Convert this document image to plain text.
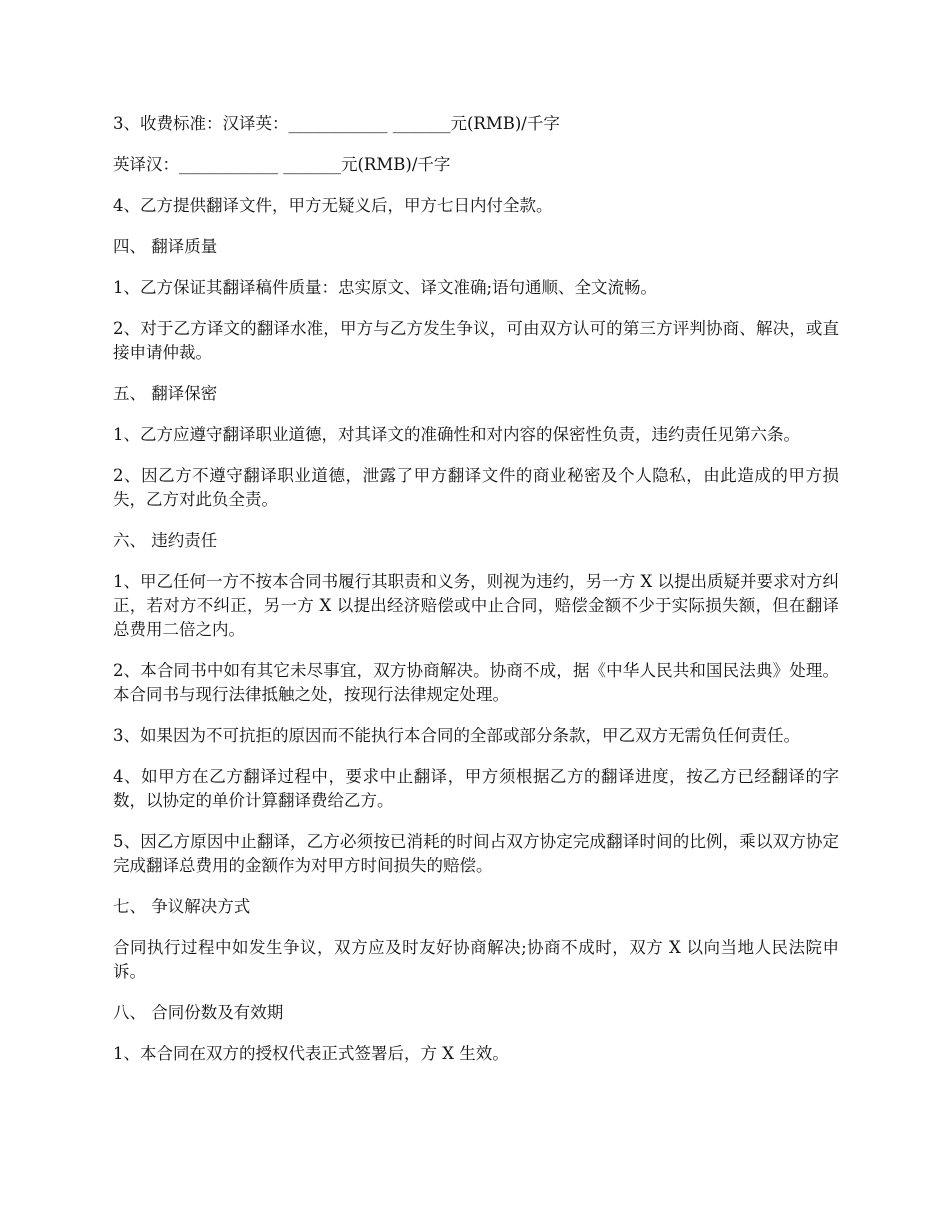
3、收费标准：汉译英：____________ _______元(RMB)/千字

英译汉：____________ _______元(RMB)/千字

4、乙方提供翻译文件，甲方无疑义后，甲方七日内付全款。

四、 翻译质量

1、乙方保证其翻译稿件质量：忠实原文、译文准确;语句通顺、全文流畅。

2、对于乙方译文的翻译水准，甲方与乙方发生争议，可由双方认可的第三方评判协商、解决，或直接申请仲裁。

五、 翻译保密

1、乙方应遵守翻译职业道德，对其译文的准确性和对内容的保密性负责，违约责任见第六条。

2、因乙方不遵守翻译职业道德，泄露了甲方翻译文件的商业秘密及个人隐私，由此造成的甲方损失，乙方对此负全责。

六、 违约责任

1、甲乙任何一方不按本合同书履行其职责和义务，则视为违约，另一方 X 以提出质疑并要求对方纠正，若对方不纠正，另一方 X 以提出经济赔偿或中止合同，赔偿金额不少于实际损失额，但在翻译总费用二倍之内。

2、本合同书中如有其它未尽事宜，双方协商解决。协商不成，据《中华人民共和国民法典》处理。本合同书与现行法律抵触之处，按现行法律规定处理。

3、如果因为不可抗拒的原因而不能执行本合同的全部或部分条款，甲乙双方无需负任何责任。

4、如甲方在乙方翻译过程中，要求中止翻译，甲方须根据乙方的翻译进度，按乙方已经翻译的字数，以协定的单价计算翻译费给乙方。

5、因乙方原因中止翻译，乙方必须按已消耗的时间占双方协定完成翻译时间的比例，乘以双方协定完成翻译总费用的金额作为对甲方时间损失的赔偿。

七、 争议解决方式

合同执行过程中如发生争议，双方应及时友好协商解决;协商不成时，双方 X 以向当地人民法院申诉。

八、 合同份数及有效期

1、本合同在双方的授权代表正式签署后，方 X 生效。
